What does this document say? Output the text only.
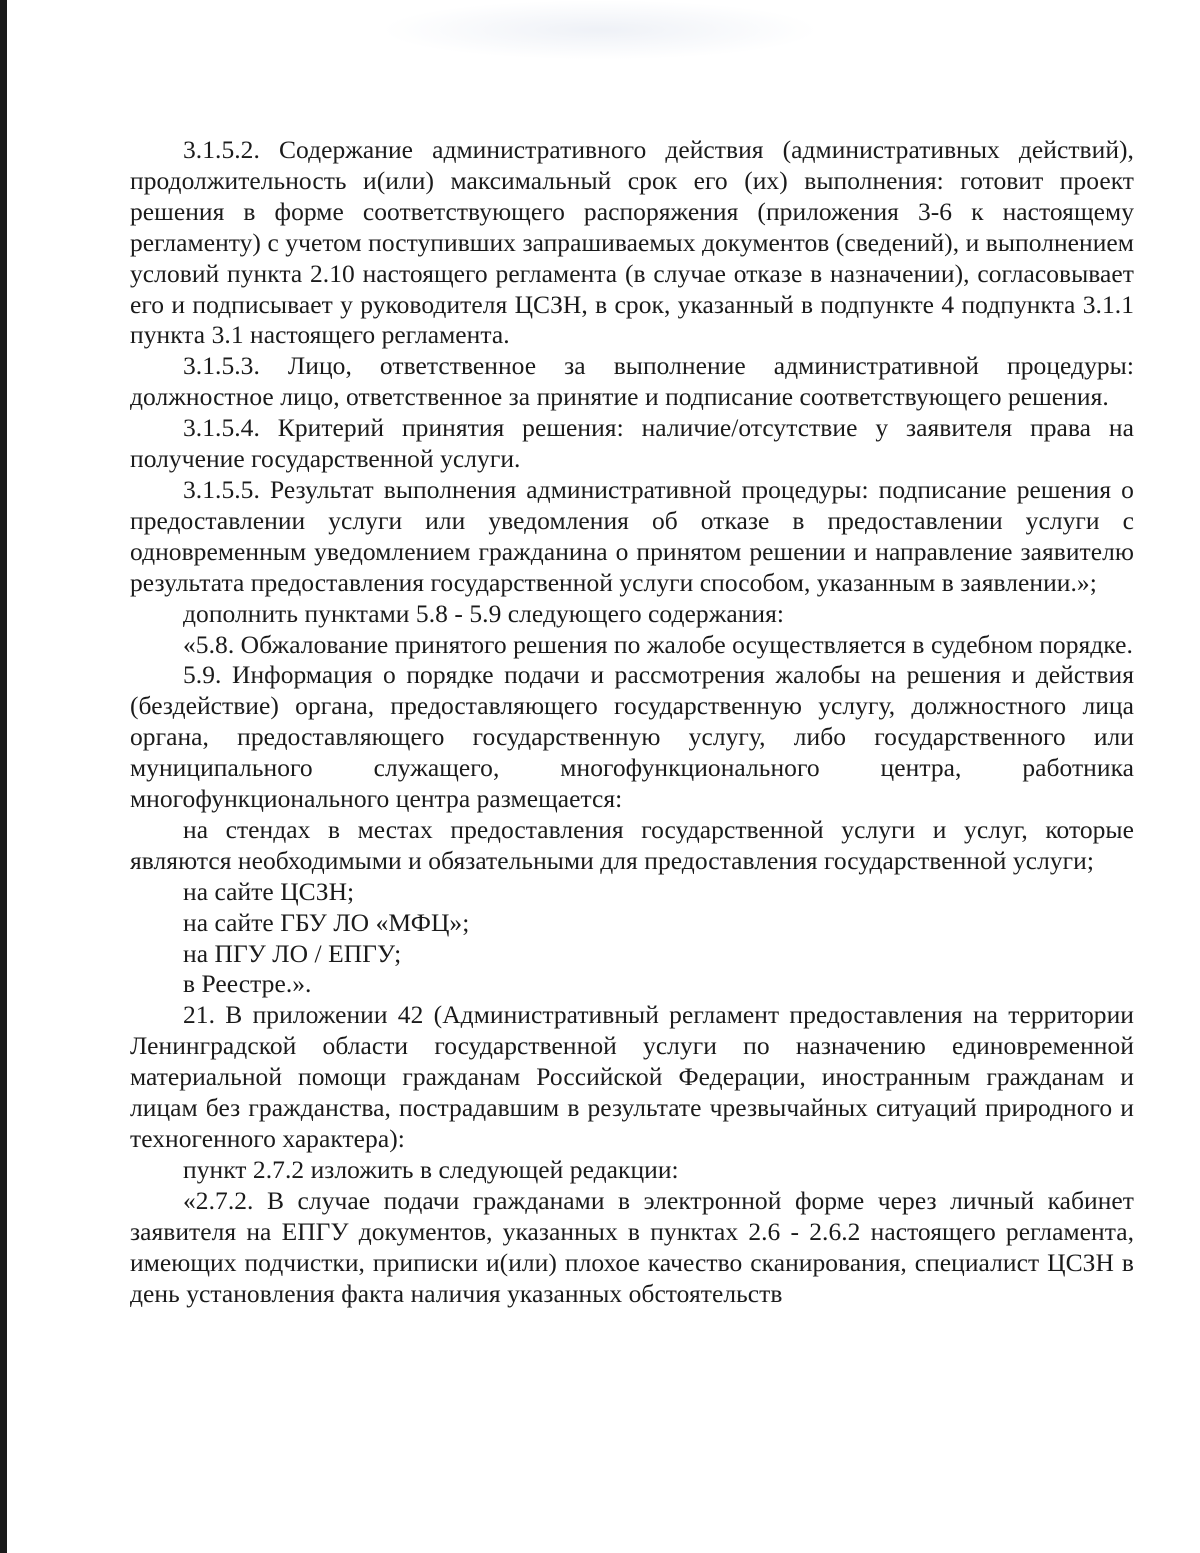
3.1.5.2. Содержание административного действия (административных действий), продолжительность и(или) максимальный срок его (их) выполнения: готовит проект решения в форме соответствующего распоряжения (приложения 3-6 к настоящему регламенту) с учетом поступивших запрашиваемых документов (сведений), и выполнением условий пункта 2.10 настоящего регламента (в случае отказе в назначении), согласовывает его и подписывает у руководителя ЦСЗН, в срок, указанный в подпункте 4 подпункта 3.1.1 пункта 3.1 настоящего регламента.

3.1.5.3. Лицо, ответственное за выполнение административной процедуры: должностное лицо, ответственное за принятие и подписание соответствующего решения.

3.1.5.4. Критерий принятия решения: наличие/отсутствие у заявителя права на получение государственной услуги.

3.1.5.5. Результат выполнения административной процедуры: подписание решения о предоставлении услуги или уведомления об отказе в предоставлении услуги с одновременным уведомлением гражданина о принятом решении и направление заявителю результата предоставления государственной услуги способом, указанным в заявлении.»;

дополнить пунктами 5.8 - 5.9 следующего содержания:

«5.8. Обжалование принятого решения по жалобе осуществляется в судебном порядке.

5.9. Информация о порядке подачи и рассмотрения жалобы на решения и действия (бездействие) органа, предоставляющего государственную услугу, должностного лица органа, предоставляющего государственную услугу, либо государственного или муниципального служащего, многофункционального центра, работника многофункционального центра размещается:

на стендах в местах предоставления государственной услуги и услуг, которые являются необходимыми и обязательными для предоставления государственной услуги;

на сайте ЦСЗН;

на сайте ГБУ ЛО «МФЦ»;

на ПГУ ЛО / ЕПГУ;

в Реестре.».

21. В приложении 42 (Административный регламент предоставления на территории Ленинградской области государственной услуги по назначению единовременной материальной помощи гражданам Российской Федерации, иностранным гражданам и лицам без гражданства, пострадавшим в результате чрезвычайных ситуаций природного и техногенного характера):

пункт 2.7.2 изложить в следующей редакции:

«2.7.2. В случае подачи гражданами в электронной форме через личный кабинет заявителя на ЕПГУ документов, указанных в пунктах 2.6 - 2.6.2 настоящего регламента, имеющих подчистки, приписки и(или) плохое качество сканирования, специалист ЦСЗН в день установления факта наличия указанных обстоятельств
